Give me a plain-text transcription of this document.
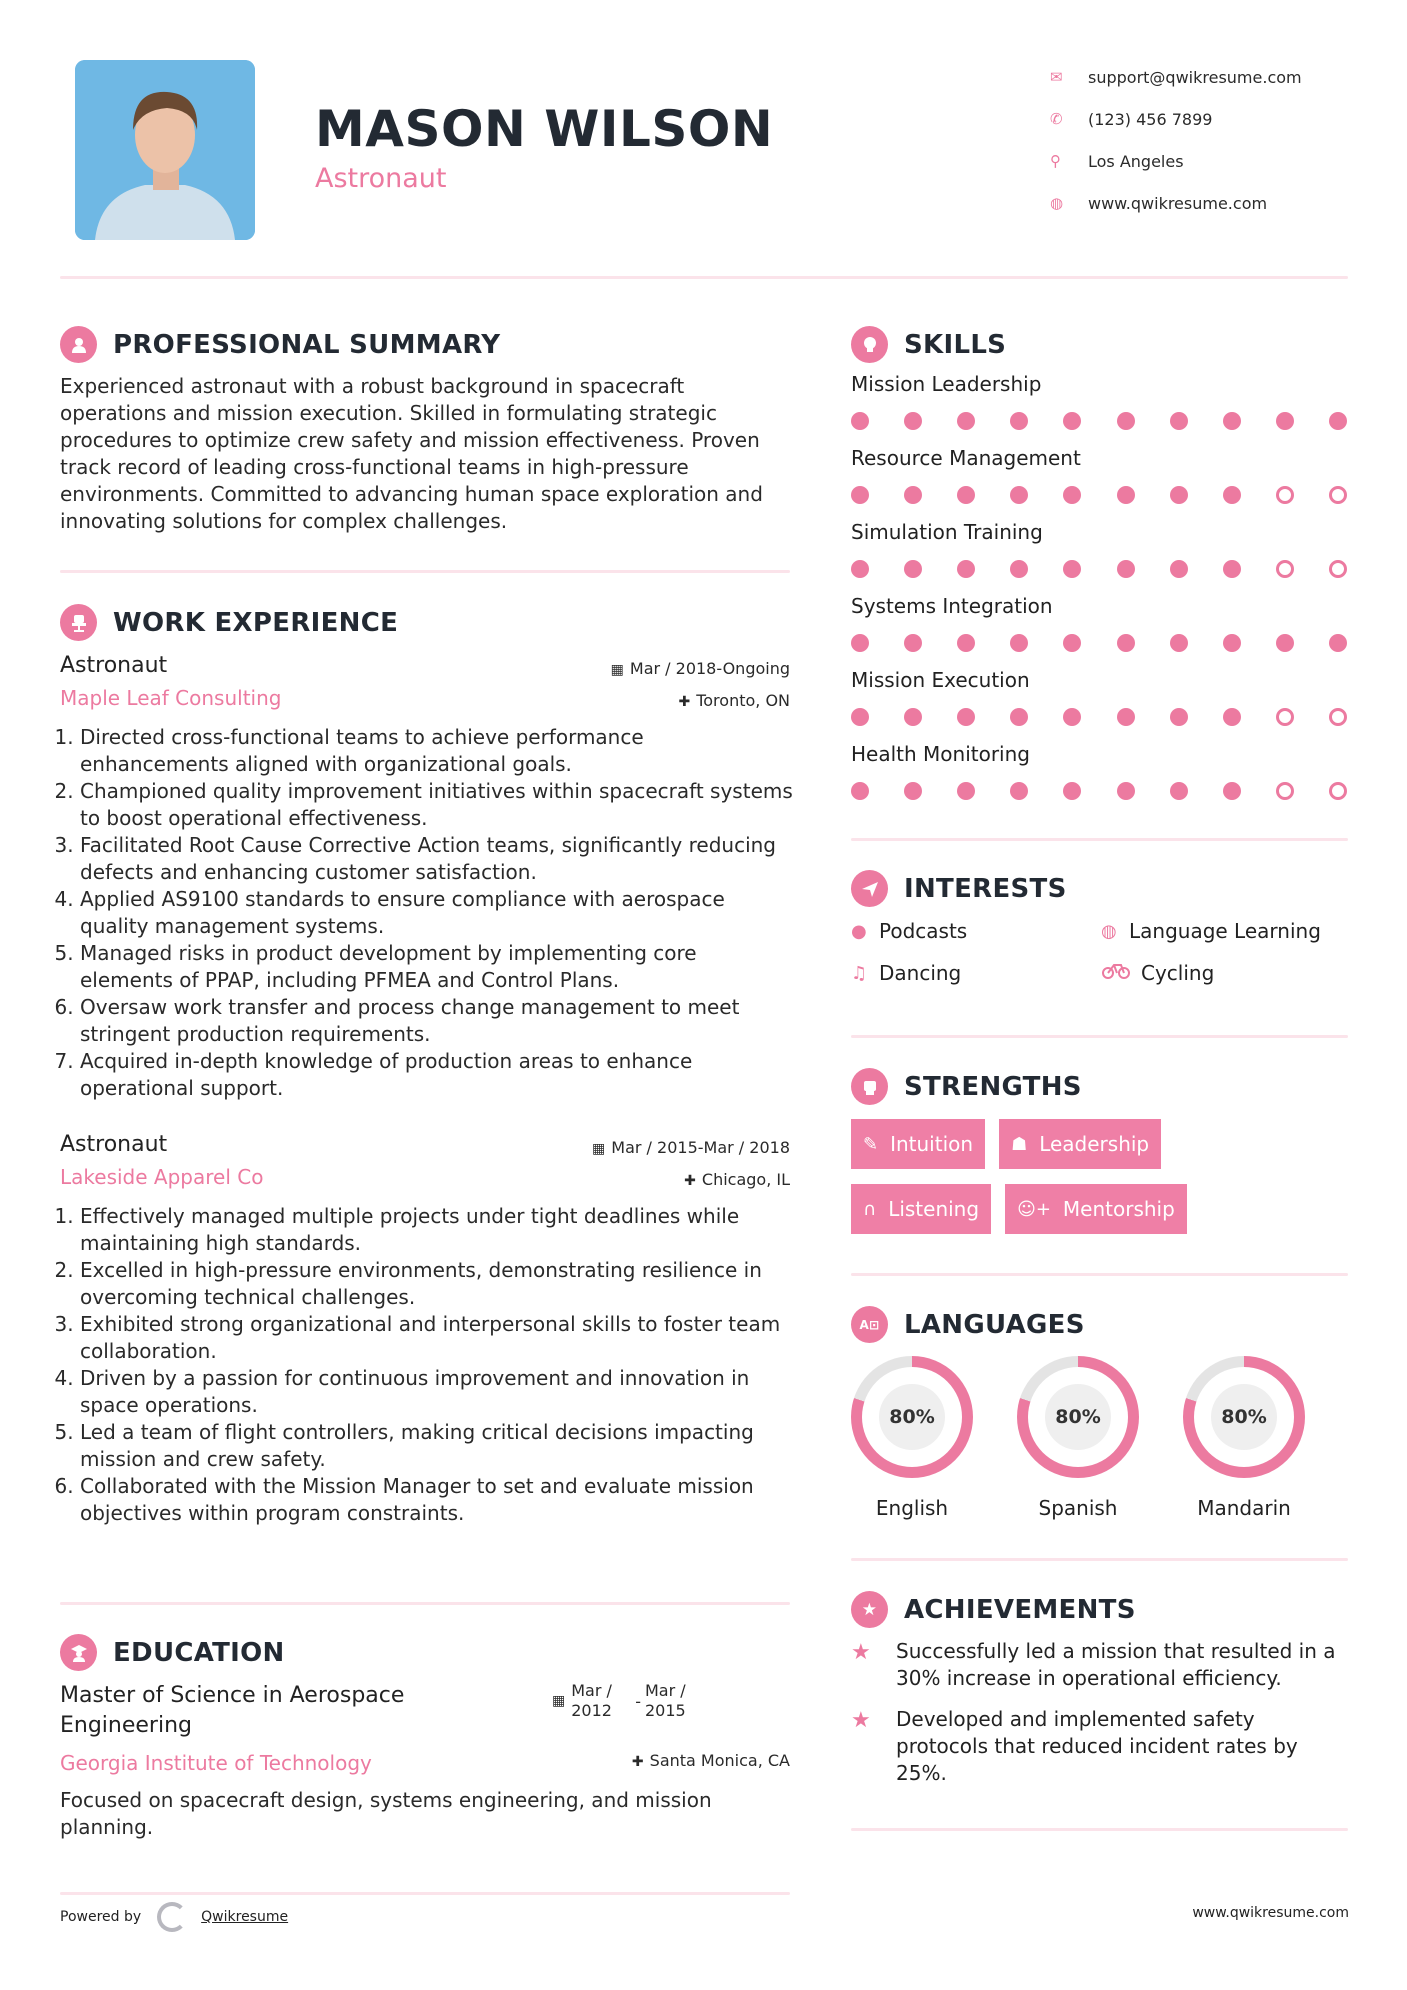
MASON WILSON
Astronaut
✉	support@qwikresume.com
✆	(123) 456 7899
⚲	Los Angeles
◍	www.qwikresume.com
PROFESSIONAL SUMMARY

Experienced astronaut with a robust background in spacecraft operations and mission execution. Skilled in formulating strategic procedures to optimize crew safety and mission effectiveness. Proven track record of leading cross-functional teams in high-pressure environments. Committed to advancing human space exploration and innovating solutions for complex challenges.

WORK EXPERIENCE
Astronaut
Maple Leaf Consulting
▦ Mar / 2018-Ongoing
✚ Toronto, ON
1. Directed cross-functional teams to achieve performance enhancements aligned with organizational goals.
2. Championed quality improvement initiatives within spacecraft systems to boost operational effectiveness.
3. Facilitated Root Cause Corrective Action teams, significantly reducing defects and enhancing customer satisfaction.
4. Applied AS9100 standards to ensure compliance with aerospace quality management systems.
5. Managed risks in product development by implementing core elements of PPAP, including PFMEA and Control Plans.
6. Oversaw work transfer and process change management to meet stringent production requirements.
7. Acquired in-depth knowledge of production areas to enhance operational support.
Astronaut
Lakeside Apparel Co
▦ Mar / 2015-Mar / 2018
✚ Chicago, IL
1. Effectively managed multiple projects under tight deadlines while maintaining high standards.
2. Excelled in high-pressure environments, demonstrating resilience in overcoming technical challenges.
3. Exhibited strong organizational and interpersonal skills to foster team collaboration.
4. Driven by a passion for continuous improvement and innovation in space operations.
5. Led a team of flight controllers, making critical decisions impacting mission and crew safety.
6. Collaborated with the Mission Manager to set and evaluate mission objectives within program constraints.
EDUCATION
Master of Science in Aerospace Engineering
Georgia Institute of Technology
▦
Mar / 2012	-
Mar / 2015
✚ Santa Monica, CA

Focused on spacecraft design, systems engineering, and mission planning.

SKILLS
Mission Leadership
Resource Management
Simulation Training
Systems Integration
Mission Execution
Health Monitoring
INTERESTS
● Podcasts	◍ Language Learning
♫ Dancing	Cycling
STRENGTHS
✎ Intuition ☗ Leadership
∩ Listening ☺+ Mentorship
A⊡ LANGUAGES
80%
English
80%
Spanish
80%
Mandarin
★	ACHIEVEMENTS
★	Successfully led a mission that resulted in a 30% increase in operational efficiency.
★	Developed and implemented safety protocols that reduced incident rates by 25%.
Powered by	Qwikresume	www.qwikresume.com
